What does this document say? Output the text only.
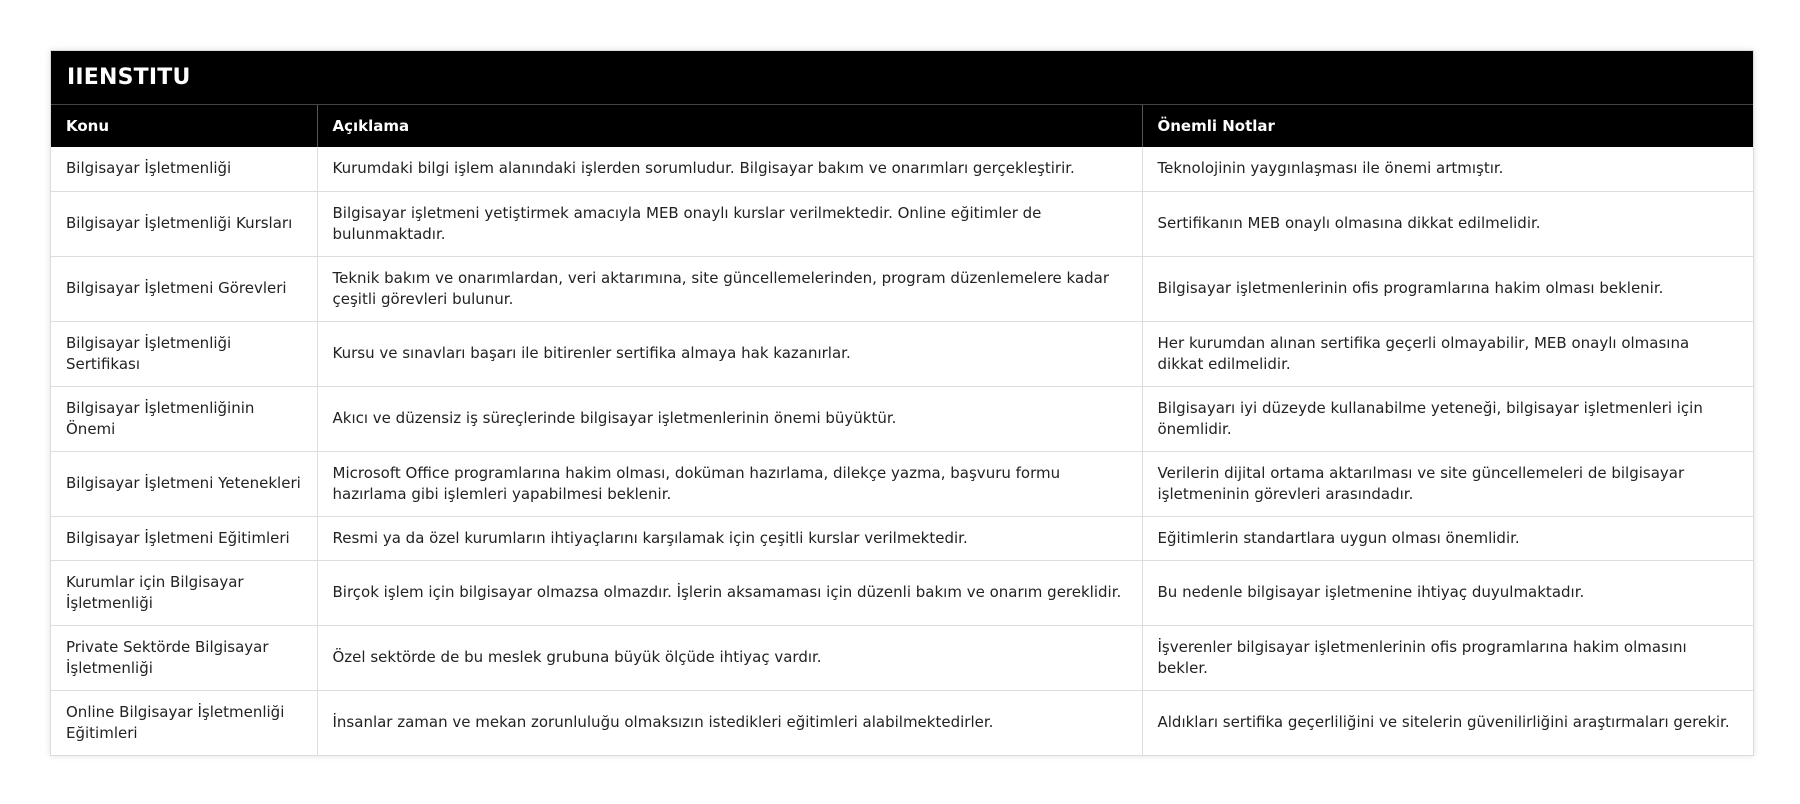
IIENSTITU
Konu	Açıklama	Önemli Notlar
Bilgisayar İşletmenliği	Kurumdaki bilgi işlem alanındaki işlerden sorumludur. Bilgisayar bakım ve onarımları gerçekleştirir.	Teknolojinin yaygınlaşması ile önemi artmıştır.
Bilgisayar İşletmenliği Kursları	Bilgisayar işletmeni yetiştirmek amacıyla MEB onaylı kurslar verilmektedir. Online eğitimler de bulunmaktadır.	Sertifikanın MEB onaylı olmasına dikkat edilmelidir.
Bilgisayar İşletmeni Görevleri	Teknik bakım ve onarımlardan, veri aktarımına, site güncellemelerinden, program düzenlemelere kadar çeşitli görevleri bulunur.	Bilgisayar işletmenlerinin ofis programlarına hakim olması beklenir.
Bilgisayar İşletmenliği Sertifikası	Kursu ve sınavları başarı ile bitirenler sertifika almaya hak kazanırlar.	Her kurumdan alınan sertifika geçerli olmayabilir, MEB onaylı olmasına dikkat edilmelidir.
Bilgisayar İşletmenliğinin Önemi	Akıcı ve düzensiz iş süreçlerinde bilgisayar işletmenlerinin önemi büyüktür.	Bilgisayarı iyi düzeyde kullanabilme yeteneği, bilgisayar işletmenleri için önemlidir.
Bilgisayar İşletmeni Yetenekleri	Microsoft Office programlarına hakim olması, doküman hazırlama, dilekçe yazma, başvuru formu hazırlama gibi işlemleri yapabilmesi beklenir.	Verilerin dijital ortama aktarılması ve site güncellemeleri de bilgisayar işletmeninin görevleri arasındadır.
Bilgisayar İşletmeni Eğitimleri	Resmi ya da özel kurumların ihtiyaçlarını karşılamak için çeşitli kurslar verilmektedir.	Eğitimlerin standartlara uygun olması önemlidir.
Kurumlar için Bilgisayar İşletmenliği	Birçok işlem için bilgisayar olmazsa olmazdır. İşlerin aksamaması için düzenli bakım ve onarım gereklidir.	Bu nedenle bilgisayar işletmenine ihtiyaç duyulmaktadır.
Private Sektörde Bilgisayar İşletmenliği	Özel sektörde de bu meslek grubuna büyük ölçüde ihtiyaç vardır.	İşverenler bilgisayar işletmenlerinin ofis programlarına hakim olmasını bekler.
Online Bilgisayar İşletmenliği Eğitimleri	İnsanlar zaman ve mekan zorunluluğu olmaksızın istedikleri eğitimleri alabilmektedirler.	Aldıkları sertifika geçerliliğini ve sitelerin güvenilirliğini araştırmaları gerekir.
